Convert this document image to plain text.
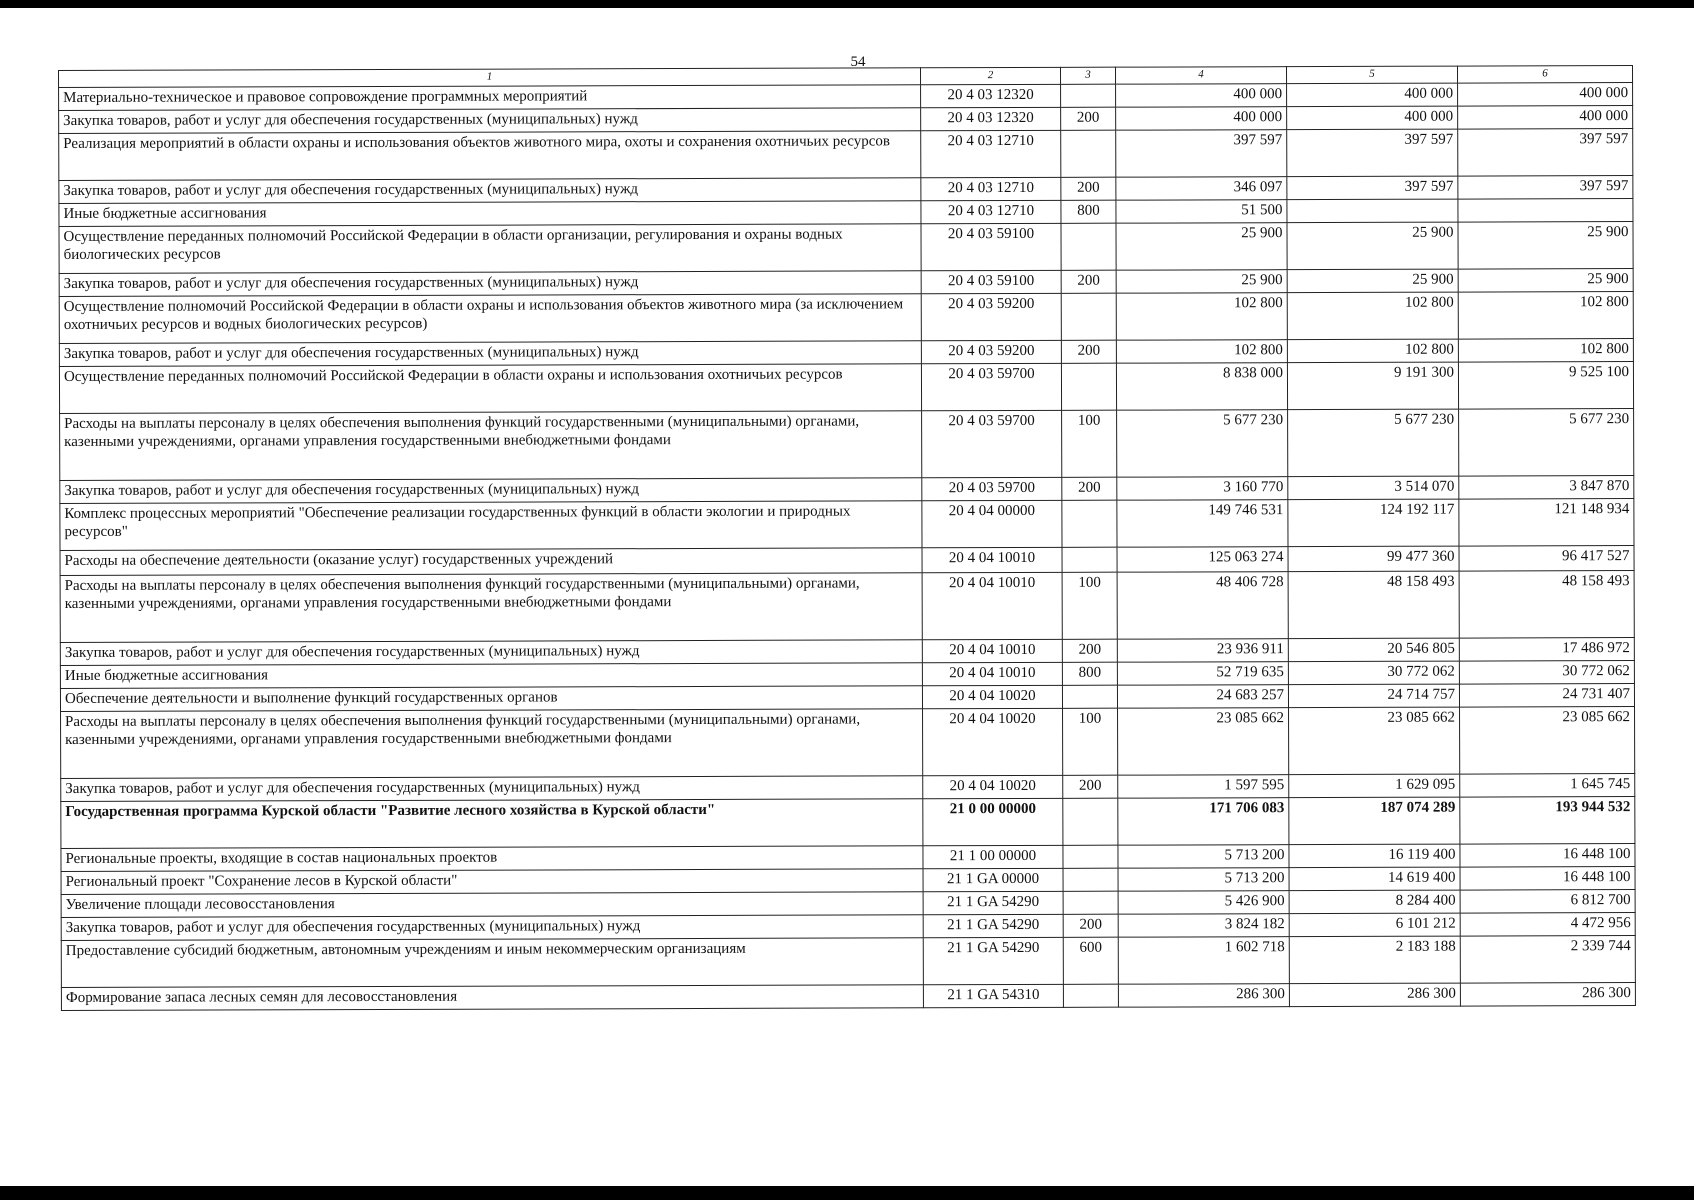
54
1	2	3	4	5	6
Материально-техническое и правовое сопровождение программных мероприятий	20 4 03 12320		400 000	400 000	400 000
Закупка товаров, работ и услуг для обеспечения государственных (муниципальных) нужд	20 4 03 12320	200	400 000	400 000	400 000
Реализация мероприятий в области охраны и использования объектов животного мира, охоты и сохранения охотничьих ресурсов	20 4 03 12710		397 597	397 597	397 597
Закупка товаров, работ и услуг для обеспечения государственных (муниципальных) нужд	20 4 03 12710	200	346 097	397 597	397 597
Иные бюджетные ассигнования	20 4 03 12710	800	51 500		
Осуществление переданных полномочий Российской Федерации в области организации, регулирования и охраны водных биологических ресурсов	20 4 03 59100		25 900	25 900	25 900
Закупка товаров, работ и услуг для обеспечения государственных (муниципальных) нужд	20 4 03 59100	200	25 900	25 900	25 900
Осуществление полномочий Российской Федерации в области охраны и использования объектов животного мира (за исключением охотничьих ресурсов и водных биологических ресурсов)	20 4 03 59200		102 800	102 800	102 800
Закупка товаров, работ и услуг для обеспечения государственных (муниципальных) нужд	20 4 03 59200	200	102 800	102 800	102 800
Осуществление переданных полномочий Российской Федерации в области охраны и использования охотничьих ресурсов	20 4 03 59700		8 838 000	9 191 300	9 525 100
Расходы на выплаты персоналу в целях обеспечения выполнения функций государственными (муниципальными) органами, казенными учреждениями, органами управления государственными внебюджетными фондами	20 4 03 59700	100	5 677 230	5 677 230	5 677 230
Закупка товаров, работ и услуг для обеспечения государственных (муниципальных) нужд	20 4 03 59700	200	3 160 770	3 514 070	3 847 870
Комплекс процессных мероприятий "Обеспечение реализации государственных функций в области экологии и природных ресурсов"	20 4 04 00000		149 746 531	124 192 117	121 148 934
Расходы на обеспечение деятельности (оказание услуг) государственных учреждений	20 4 04 10010		125 063 274	99 477 360	96 417 527
Расходы на выплаты персоналу в целях обеспечения выполнения функций государственными (муниципальными) органами, казенными учреждениями, органами управления государственными внебюджетными фондами	20 4 04 10010	100	48 406 728	48 158 493	48 158 493
Закупка товаров, работ и услуг для обеспечения государственных (муниципальных) нужд	20 4 04 10010	200	23 936 911	20 546 805	17 486 972
Иные бюджетные ассигнования	20 4 04 10010	800	52 719 635	30 772 062	30 772 062
Обеспечение деятельности и выполнение функций государственных органов	20 4 04 10020		24 683 257	24 714 757	24 731 407
Расходы на выплаты персоналу в целях обеспечения выполнения функций государственными (муниципальными) органами, казенными учреждениями, органами управления государственными внебюджетными фондами	20 4 04 10020	100	23 085 662	23 085 662	23 085 662
Закупка товаров, работ и услуг для обеспечения государственных (муниципальных) нужд	20 4 04 10020	200	1 597 595	1 629 095	1 645 745
Государственная программа Курской области "Развитие лесного хозяйства в Курской области"	21 0 00 00000		171 706 083	187 074 289	193 944 532
Региональные проекты, входящие в состав национальных проектов	21 1 00 00000		5 713 200	16 119 400	16 448 100
Региональный проект "Сохранение лесов в Курской области"	21 1 GA 00000		5 713 200	14 619 400	16 448 100
Увеличение площади лесовосстановления	21 1 GA 54290		5 426 900	8 284 400	6 812 700
Закупка товаров, работ и услуг для обеспечения государственных (муниципальных) нужд	21 1 GA 54290	200	3 824 182	6 101 212	4 472 956
Предоставление субсидий бюджетным, автономным учреждениям и иным некоммерческим организациям	21 1 GA 54290	600	1 602 718	2 183 188	2 339 744
Формирование запаса лесных семян для лесовосстановления	21 1 GA 54310		286 300	286 300	286 300
